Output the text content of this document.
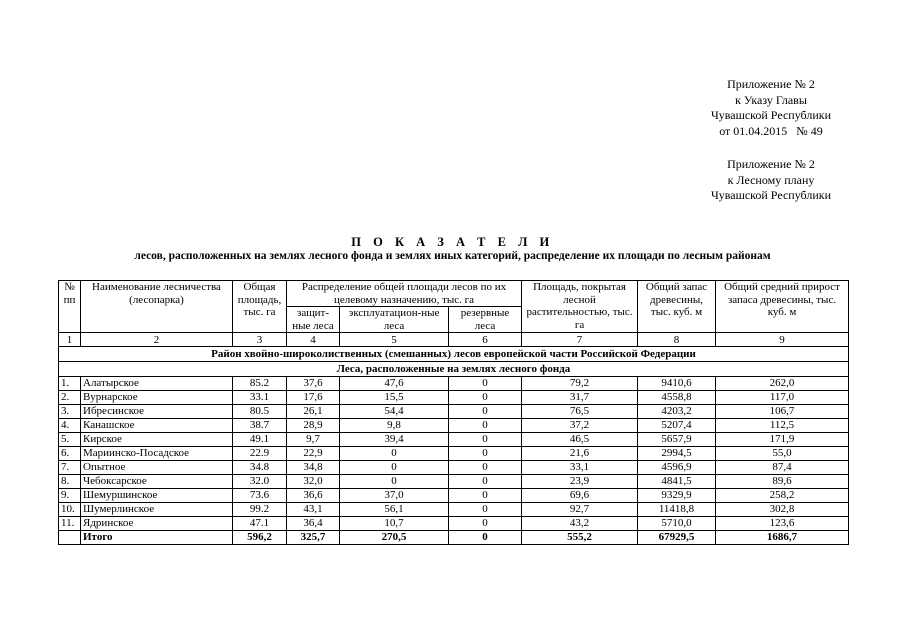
Приложение № 2
к Указу Главы
Чувашской Республики
от 01.04.2015   № 49
Приложение № 2
к Лесному плану
Чувашской Республики
П О К А З А Т Е Л И
лесов, расположенных на землях лесного фонда и землях иных категорий, распределение их площади по лесным районам
№ пп	Наименование лесничества (лесопарка)	Общая площадь, тыс. га	Распределение общей площади лесов по их целевому назначению, тыс. га			Площадь, покрытая лесной растительностью, тыс. га	Общий запас древесины, тыс. куб. м	Общий средний прирост запаса древесины, тыс. куб. м
			защит-ные леса	эксплуатацион-ные леса	резервные леса			
1	2	3	4	5	6	7	8	9
Район хвойно-широколиственных (смешанных) лесов европейской части Российской Федерации								
Леса, расположенные на землях лесного фонда								
1.	Алатырское	85.2	37,6	47,6	0	79,2	9410,6	262,0
2.	Вурнарское	33.1	17,6	15,5	0	31,7	4558,8	117,0
3.	Ибресинское	80.5	26,1	54,4	0	76,5	4203,2	106,7
4.	Канашское	38.7	28,9	9,8	0	37,2	5207,4	112,5
5.	Кирское	49.1	9,7	39,4	0	46,5	5657,9	171,9
6.	Мариинско-Посадское	22.9	22,9	0	0	21,6	2994,5	55,0
7.	Опытное	34.8	34,8	0	0	33,1	4596,9	87,4
8.	Чебоксарское	32.0	32,0	0	0	23,9	4841,5	89,6
9.	Шемуршинское	73.6	36,6	37,0	0	69,6	9329,9	258,2
10.	Шумерлинское	99.2	43,1	56,1	0	92,7	11418,8	302,8
11.	Ядринское	47.1	36,4	10,7	0	43,2	5710,0	123,6
	Итого	596,2	325,7	270,5	0	555,2	67929,5	1686,7
